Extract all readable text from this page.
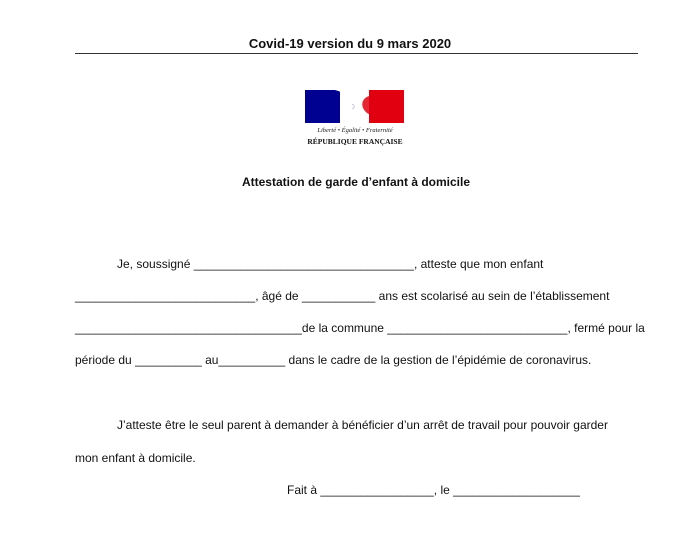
Covid-19 version du 9 mars 2020
Liberté • Égalité • Fraternité
RÉPUBLIQUE FRANÇAISE
Attestation de garde d’enfant à domicile
Je, soussigné _________________________________, atteste que mon enfant
___________________________, âgé de ___________ ans est scolarisé au sein de l’établissement
__________________________________de la commune ___________________________, fermé pour la
période du __________ au__________ dans le cadre de la gestion de l’épidémie de coronavirus.
J’atteste être le seul parent à demander à bénéficier d’un arrêt de travail pour pouvoir garder
mon enfant à domicile.
Fait à _________________, le ___________________
